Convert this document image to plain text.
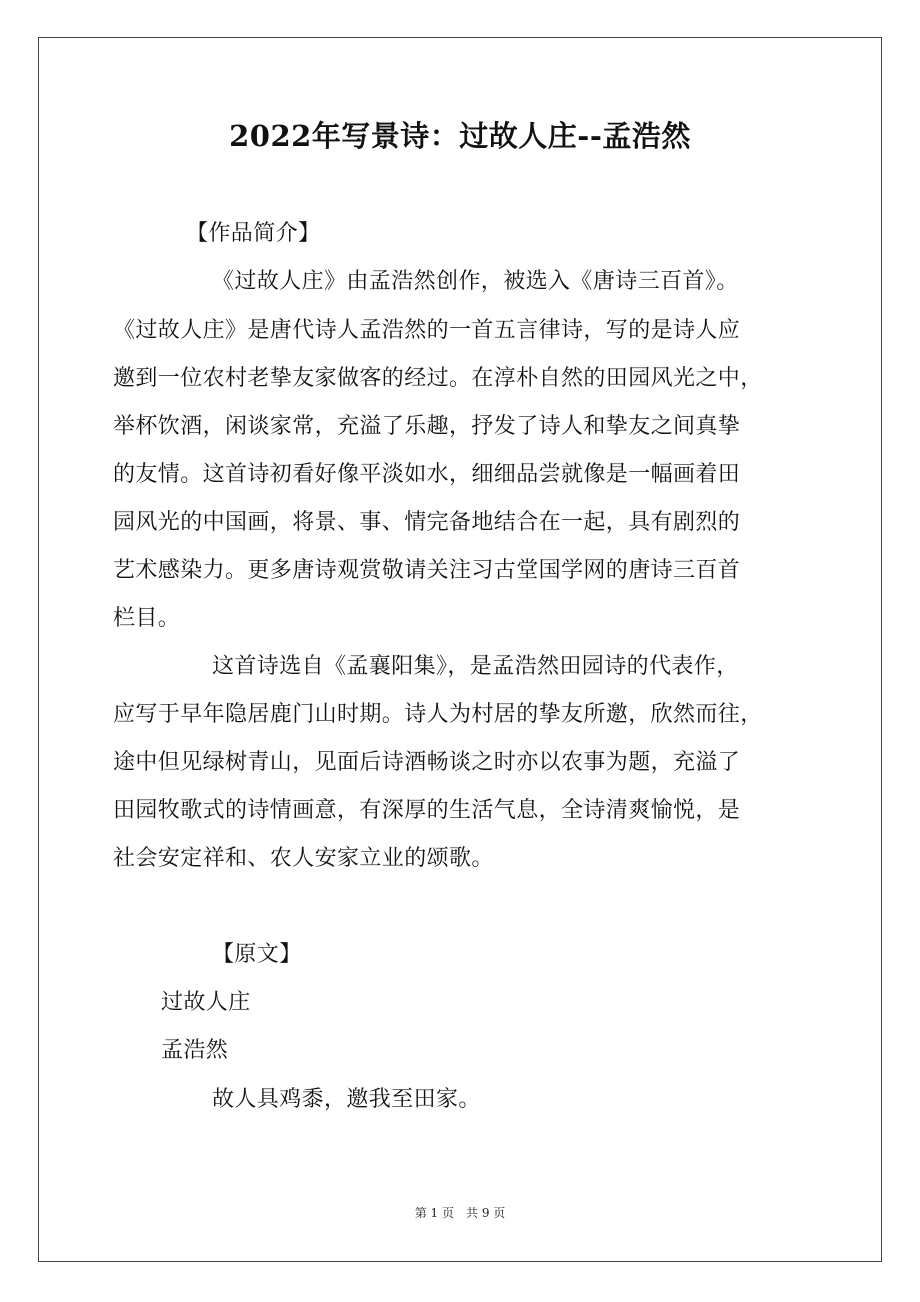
2022年写景诗：过故人庄--孟浩然
【作品简介】
《过故人庄》由孟浩然创作，被选入《唐诗三百首》。
《过故人庄》是唐代诗人孟浩然的一首五言律诗，写的是诗人应
邀到一位农村老挚友家做客的经过。在淳朴自然的田园风光之中，
举杯饮酒，闲谈家常，充溢了乐趣，抒发了诗人和挚友之间真挚
的友情。这首诗初看好像平淡如水，细细品尝就像是一幅画着田
园风光的中国画，将景、事、情完备地结合在一起，具有剧烈的
艺术感染力。更多唐诗观赏敬请关注习古堂国学网的唐诗三百首
栏目。
这首诗选自《孟襄阳集》，是孟浩然田园诗的代表作，
应写于早年隐居鹿门山时期。诗人为村居的挚友所邀，欣然而往，
途中但见绿树青山，见面后诗酒畅谈之时亦以农事为题，充溢了
田园牧歌式的诗情画意，有深厚的生活气息，全诗清爽愉悦，是
社会安定祥和、农人安家立业的颂歌。
【原文】
过故人庄
孟浩然
故人具鸡黍，邀我至田家。
第 1 页　共 9 页
